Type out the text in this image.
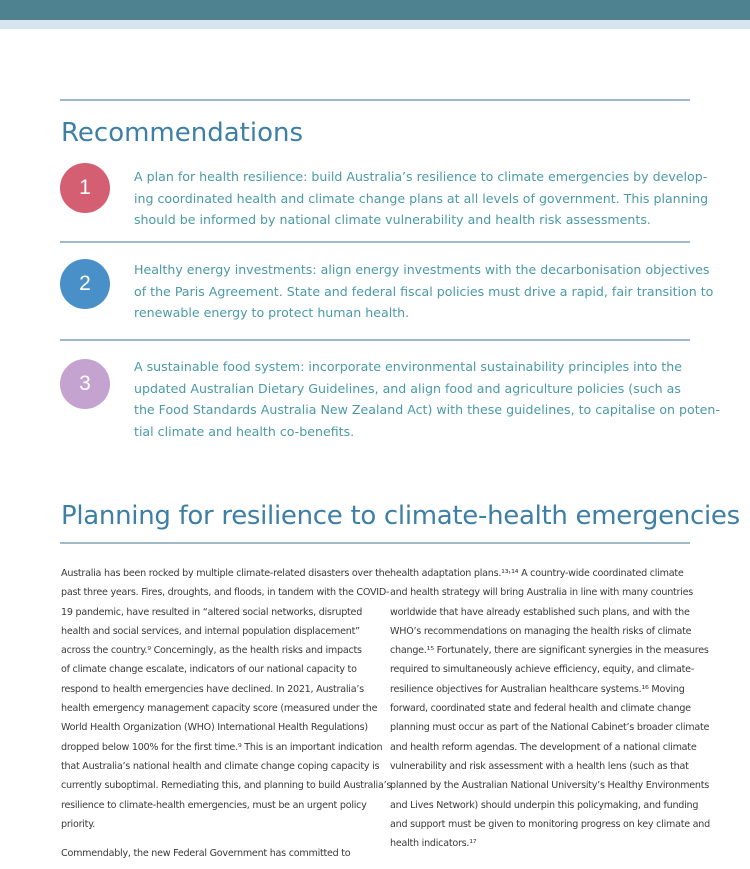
Recommendations
1	A plan for health resilience: build Australia’s resilience to climate emergencies by develop-
ing coordinated health and climate change plans at all levels of government. This planning
should be informed by national climate vulnerability and health risk assessments.

2

Healthy energy investments: align energy investments with the decarbonisation objectives
of the Paris Agreement. State and federal fiscal policies must drive a rapid, fair transition to
renewable energy to protect human health.

3

A sustainable food system: incorporate environmental sustainability principles into the
updated Australian Dietary Guidelines, and align food and agriculture policies (such as
the Food Standards Australia New Zealand Act) with these guidelines, to capitalise on poten-
tial climate and health co-benefits.

Planning for resilience to climate-health emergencies

Australia has been rocked by multiple climate-related disasters over the
past three years. Fires, droughts, and floods, in tandem with the COVID-
19 pandemic, have resulted in “altered social networks, disrupted
health and social services, and internal population displacement”
across the country.⁹ Concerningly, as the health risks and impacts
of climate change escalate, indicators of our national capacity to
respond to health emergencies have declined. In 2021, Australia’s
health emergency management capacity score (measured under the
World Health Organization (WHO) International Health Regulations)
dropped below 100% for the first time.⁹ This is an important indication
that Australia’s national health and climate change coping capacity is
currently suboptimal. Remediating this, and planning to build Australia’s
resilience to climate-health emergencies, must be an urgent policy
priority.

Commendably, the new Federal Government has committed to

health adaptation plans.¹³˒¹⁴ A country-wide coordinated climate
and health strategy will bring Australia in line with many countries
worldwide that have already established such plans, and with the
WHO’s recommendations on managing the health risks of climate
change.¹⁵ Fortunately, there are significant synergies in the measures
required to simultaneously achieve efficiency, equity, and climate-
resilience objectives for Australian healthcare systems.¹⁶ Moving
forward, coordinated state and federal health and climate change
planning must occur as part of the National Cabinet’s broader climate
and health reform agendas. The development of a national climate
vulnerability and risk assessment with a health lens (such as that
planned by the Australian National University’s Healthy Environments
and Lives Network) should underpin this policymaking, and funding
and support must be given to monitoring progress on key climate and
health indicators.¹⁷
